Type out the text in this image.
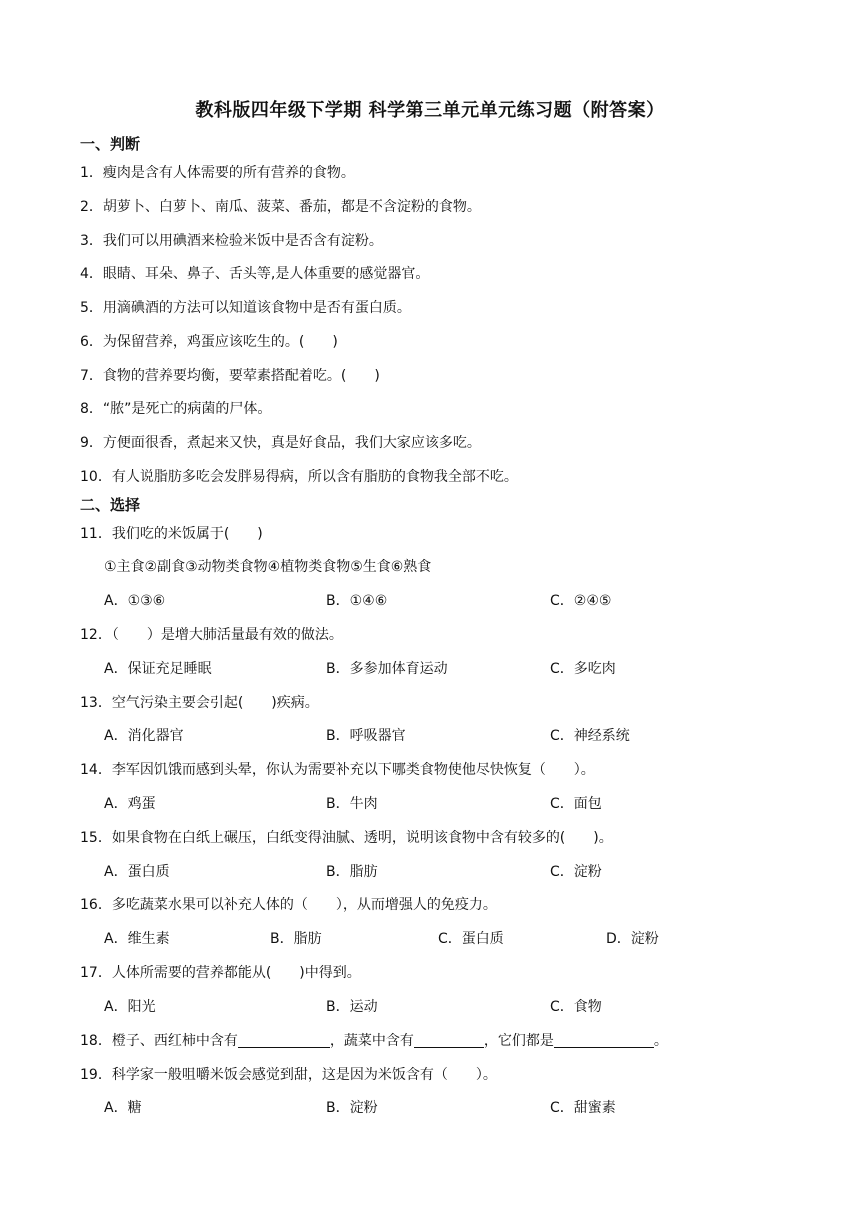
教科版四年级下学期 科学第三单元单元练习题（附答案）
一、判断
1．瘦肉是含有人体需要的所有营养的食物。
2．胡萝卜、白萝卜、南瓜、菠菜、番茄，都是不含淀粉的食物。
3．我们可以用碘酒来检验米饭中是否含有淀粉。
4．眼睛、耳朵、鼻子、舌头等,是人体重要的感觉器官。
5．用滴碘酒的方法可以知道该食物中是否有蛋白质。
6．为保留营养，鸡蛋应该吃生的。(　　)
7．食物的营养要均衡，要荤素搭配着吃。(　　)
8．“脓”是死亡的病菌的尸体。
9．方便面很香，煮起来又快，真是好食品，我们大家应该多吃。
10．有人说脂肪多吃会发胖易得病，所以含有脂肪的食物我全部不吃。
二、选择
11．我们吃的米饭属于(　　)
①主食②副食③动物类食物④植物类食物⑤生食⑥熟食
A．①③⑥	B．①④⑥	C．②④⑤
12．（　　）是增大肺活量最有效的做法。
A．保证充足睡眠	B．多参加体育运动	C．多吃肉
13．空气污染主要会引起(　　)疾病。
A．消化器官	B．呼吸器官	C．神经系统
14．李军因饥饿而感到头晕，你认为需要补充以下哪类食物使他尽快恢复（　　）。
A．鸡蛋	B．牛肉	C．面包
15．如果食物在白纸上碾压，白纸变得油腻、透明，说明该食物中含有较多的(　　)。
A．蛋白质	B．脂肪	C．淀粉
16．多吃蔬菜水果可以补充人体的（　　），从而增强人的免疫力。
A．维生素	B．脂肪	C．蛋白质	D．淀粉
17．人体所需要的营养都能从(　　)中得到。
A．阳光	B．运动	C．食物
18．橙子、西红柿中含有	，蔬菜中含有	，它们都是	。
19．科学家一般咀嚼米饭会感觉到甜，这是因为米饭含有（　　）。
A．糖	B．淀粉	C．甜蜜素
